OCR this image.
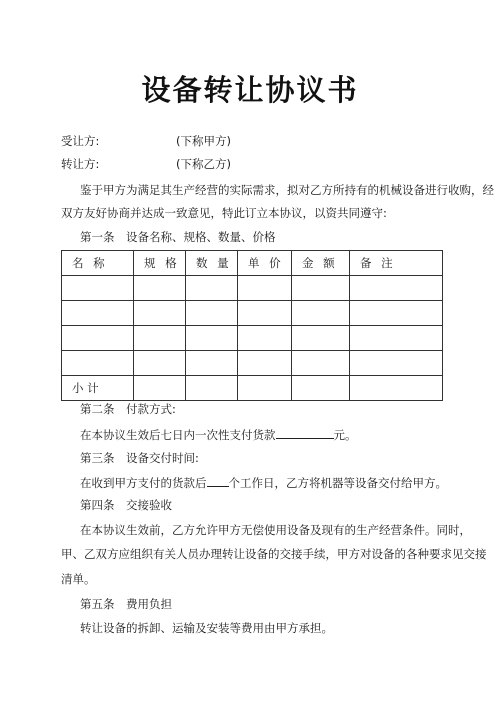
设备转让协议书
受让方:	(下称甲方)
转让方:	(下称乙方)
鉴于甲方为满足其生产经营的实际需求，拟对乙方所持有的机械设备进行收购，经
双方友好协商并达成一致意见，特此订立本协议，以资共同遵守:
第一条　设备名称、规格、数量、价格
名 称	规 格	数 量	单 价	金 额	备 注

小 计					
第二条　付款方式:
在本协议生效后七日内一次性支付货款	元。
第三条　设备交付时间:
在收到甲方支付的货款后 个工作日，乙方将机器等设备交付给甲方。
第四条　交接验收
在本协议生效前，乙方允许甲方无偿使用设备及现有的生产经营条件。同时，
甲、乙双方应组织有关人员办理转让设备的交接手续，甲方对设备的各种要求见交接
清单。
第五条　费用负担
转让设备的拆卸、运输及安装等费用由甲方承担。
